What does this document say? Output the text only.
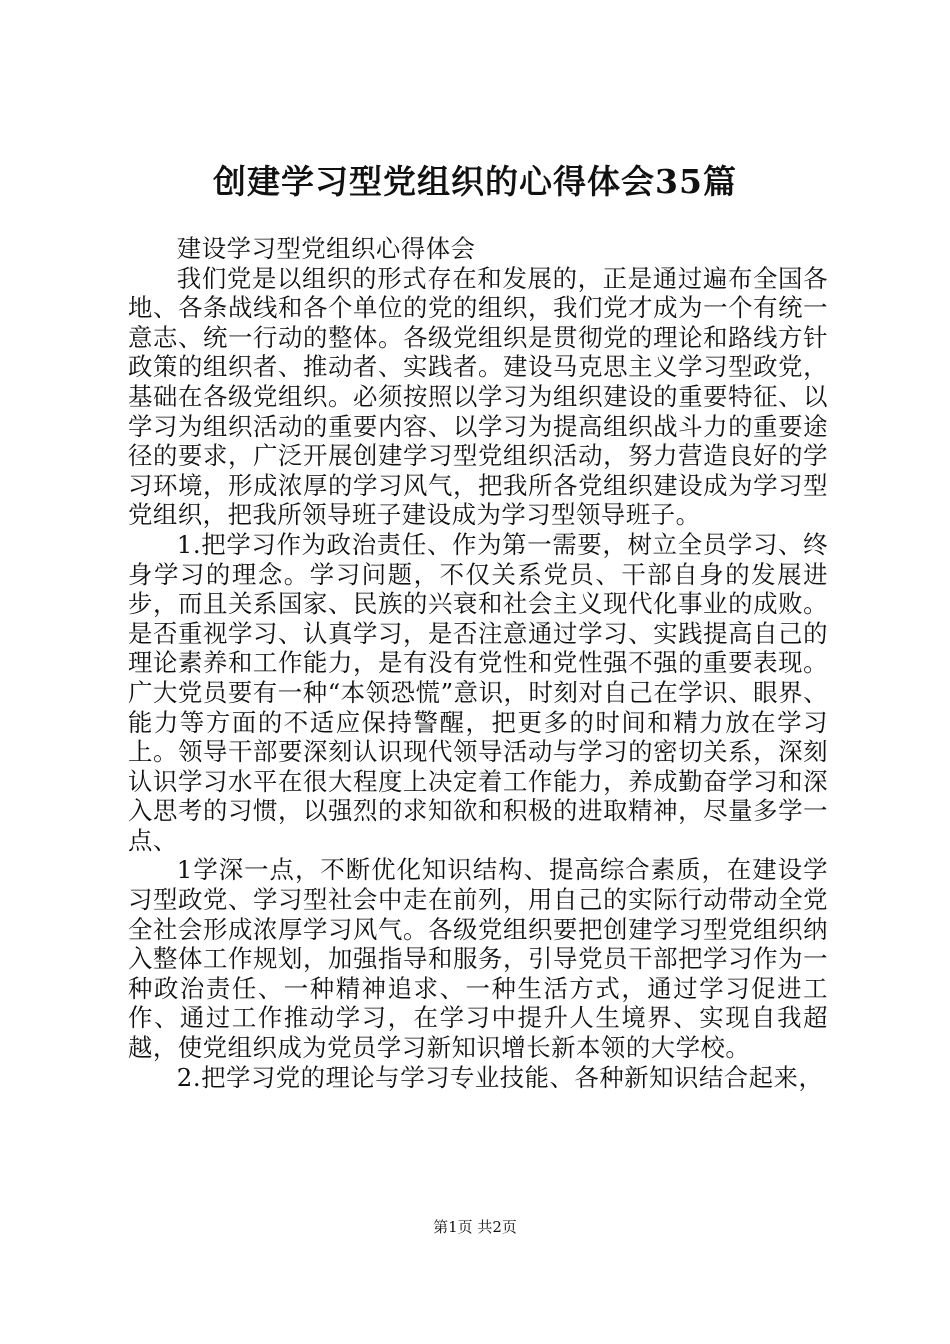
创建学习型党组织的心得体会35篇

建设学习型党组织心得体会

我们党是以组织的形式存在和发展的，正是通过遍布全国各地、各条战线和各个单位的党的组织，我们党才成为一个有统一意志、统一行动的整体。各级党组织是贯彻党的理论和路线方针政策的组织者、推动者、实践者。建设马克思主义学习型政党，基础在各级党组织。必须按照以学习为组织建设的重要特征、以学习为组织活动的重要内容、以学习为提高组织战斗力的重要途径的要求，广泛开展创建学习型党组织活动，努力营造良好的学习环境，形成浓厚的学习风气，把我所各党组织建设成为学习型党组织，把我所领导班子建设成为学习型领导班子。

1.把学习作为政治责任、作为第一需要，树立全员学习、终身学习的理念。学习问题，不仅关系党员、干部自身的发展进步，而且关系国家、民族的兴衰和社会主义现代化事业的成败。是否重视学习、认真学习，是否注意通过学习、实践提高自己的理论素养和工作能力，是有没有党性和党性强不强的重要表现。广大党员要有一种“本领恐慌”意识，时刻对自己在学识、眼界、能力等方面的不适应保持警醒，把更多的时间和精力放在学习上。领导干部要深刻认识现代领导活动与学习的密切关系，深刻认识学习水平在很大程度上决定着工作能力，养成勤奋学习和深入思考的习惯，以强烈的求知欲和积极的进取精神，尽量多学一点、

1学深一点，不断优化知识结构、提高综合素质，在建设学习型政党、学习型社会中走在前列，用自己的实际行动带动全党全社会形成浓厚学习风气。各级党组织要把创建学习型党组织纳入整体工作规划，加强指导和服务，引导党员干部把学习作为一种政治责任、一种精神追求、一种生活方式，通过学习促进工作、通过工作推动学习，在学习中提升人生境界、实现自我超越，使党组织成为党员学习新知识增长新本领的大学校。

2.把学习党的理论与学习专业技能、各种新知识结合起来，

第1页 共2页
